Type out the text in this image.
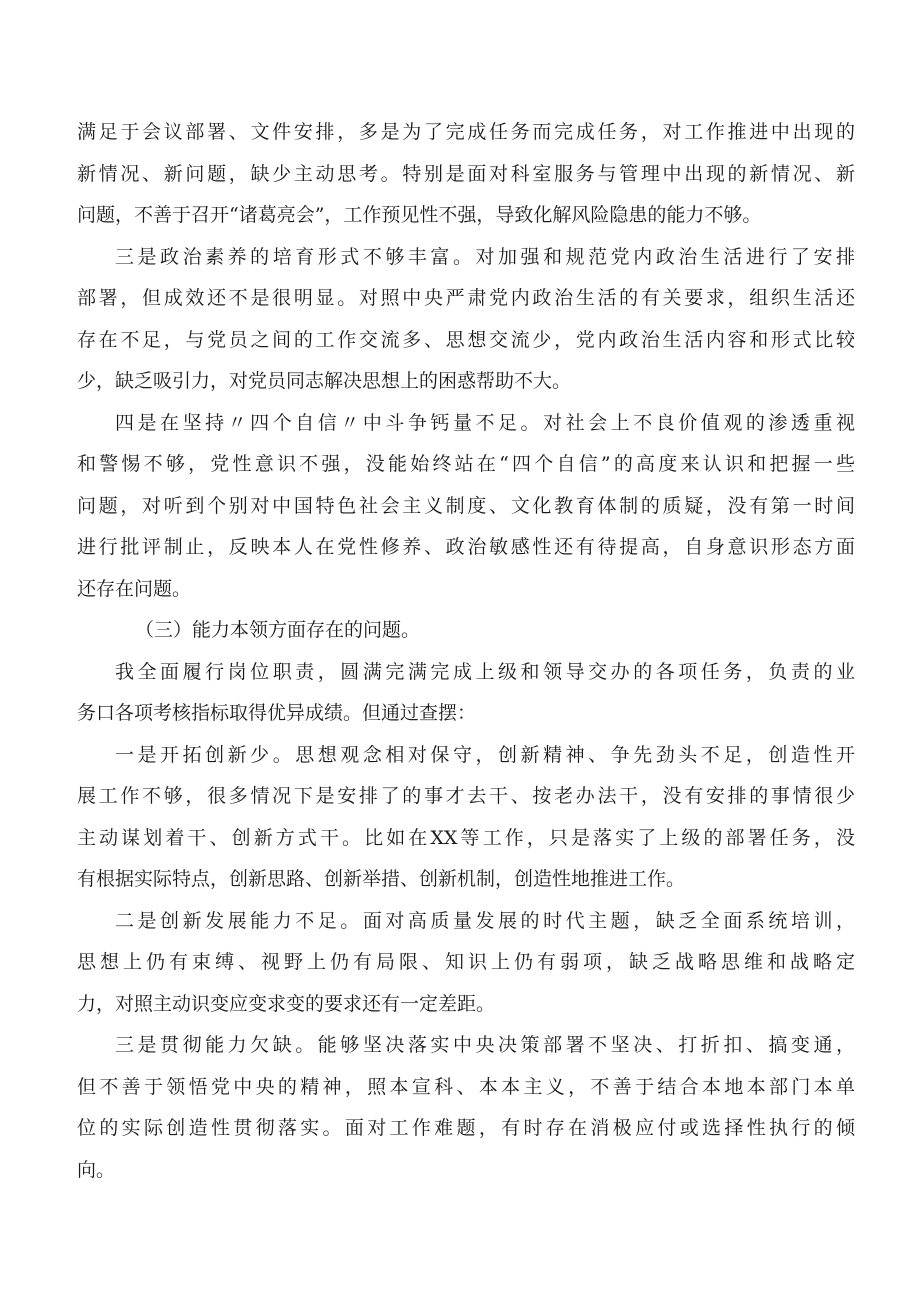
满足于会议部署、文件安排，多是为了完成任务而完成任务，对工作推进中出现的
新情况、新问题，缺少主动思考。特别是面对科室服务与管理中出现的新情况、新
问题，不善于召开“诸葛亮会”，工作预见性不强，导致化解风险隐患的能力不够。
三是政治素养的培育形式不够丰富。对加强和规范党内政治生活进行了安排
部署，但成效还不是很明显。对照中央严肃党内政治生活的有关要求，组织生活还
存在不足，与党员之间的工作交流多、思想交流少，党内政治生活内容和形式比较
少，缺乏吸引力，对党员同志解决思想上的困惑帮助不大。
四是在坚持〃四个自信〃中斗争钙量不足。对社会上不良价值观的渗透重视
和警惕不够，党性意识不强，没能始终站在“四个自信”的高度来认识和把握一些
问题，对听到个别对中国特色社会主义制度、文化教育体制的质疑，没有第一时间
进行批评制止，反映本人在党性修养、政治敏感性还有待提高，自身意识形态方面
还存在问题。
（三）能力本领方面存在的问题。
我全面履行岗位职责，圆满完满完成上级和领导交办的各项任务，负责的业
务口各项考核指标取得优异成绩。但通过查摆：
一是开拓创新少。思想观念相对保守，创新精神、争先劲头不足，创造性开
展工作不够，很多情况下是安排了的事才去干、按老办法干，没有安排的事情很少
主动谋划着干、创新方式干。比如在XX等工作，只是落实了上级的部署任务，没
有根据实际特点，创新思路、创新举措、创新机制，创造性地推进工作。
二是创新发展能力不足。面对高质量发展的时代主题，缺乏全面系统培训，
思想上仍有束缚、视野上仍有局限、知识上仍有弱项，缺乏战略思维和战略定
力，对照主动识变应变求变的要求还有一定差距。
三是贯彻能力欠缺。能够坚决落实中央决策部署不坚决、打折扣、搞变通，
但不善于领悟党中央的精神，照本宣科、本本主义，不善于结合本地本部门本单
位的实际创造性贯彻落实。面对工作难题，有时存在消极应付或选择性执行的倾
向。
